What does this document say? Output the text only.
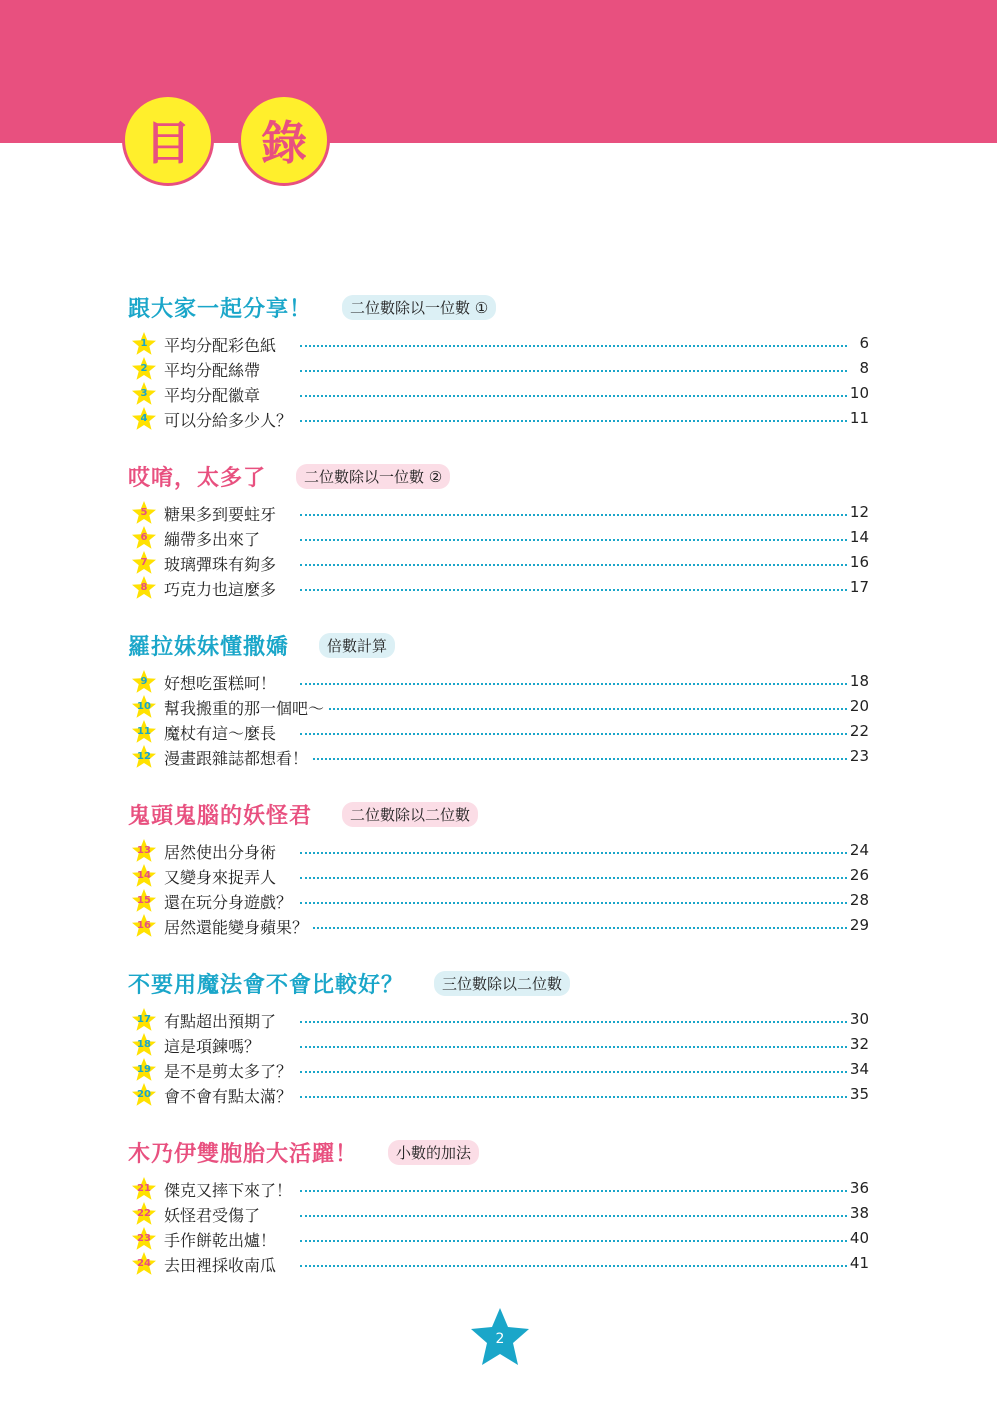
目	錄
跟大家一起分享！	二位數除以一位數 ①
1	平均分配彩色紙	6
2	平均分配絲帶	8
3	平均分配徽章	10
4	可以分給多少人？	11
哎唷，太多了	二位數除以一位數 ②
5	糖果多到要蛀牙	12
6	繃帶多出來了	14
7	玻璃彈珠有夠多	16
8	巧克力也這麼多	17
羅拉妹妹懂撒嬌	倍數計算
9	好想吃蛋糕呵！	18
10 幫我搬重的那一個吧～	20
11 魔杖有這～麼長	22
12 漫畫跟雜誌都想看！	23
鬼頭鬼腦的妖怪君	二位數除以二位數
13 居然使出分身術	24
14 又變身來捉弄人	26
15 還在玩分身遊戲？	28
16 居然還能變身蘋果？	29
不要用魔法會不會比較好？	三位數除以二位數
17 有點超出預期了	30
18 這是項鍊嗎？	32
19 是不是剪太多了？	34
20 會不會有點太滿？	35
木乃伊雙胞胎大活躍！	小數的加法
21 傑克又摔下來了！	36
22 妖怪君受傷了	38
23 手作餅乾出爐！	40
24 去田裡採收南瓜	41
2
